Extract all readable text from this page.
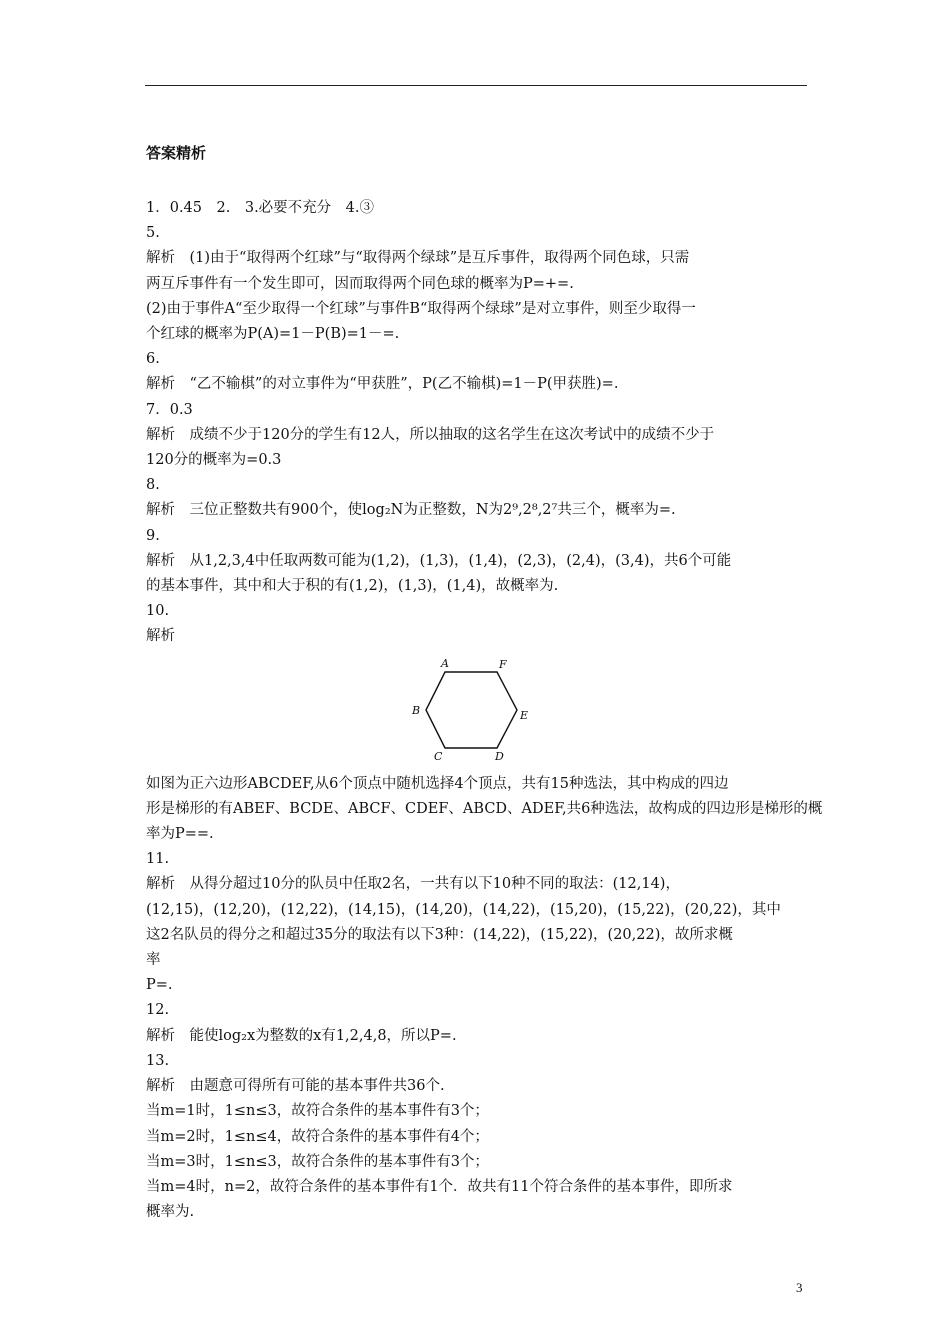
答案精析
1．0.45　2.　3.必要不充分　4.③
5.
解析　(1)由于“取得两个红球”与“取得两个绿球”是互斥事件，取得两个同色球，只需
两互斥事件有一个发生即可，因而取得两个同色球的概率为P=+=.
(2)由于事件A“至少取得一个红球”与事件B“取得两个绿球”是对立事件，则至少取得一
个红球的概率为P(A)=1－P(B)=1－=.
6.
解析　“乙不输棋”的对立事件为“甲获胜”，P(乙不输棋)=1－P(甲获胜)=.
7．0.3
解析　成绩不少于120分的学生有12人，所以抽取的这名学生在这次考试中的成绩不少于
120分的概率为=0.3
8.
解析　三位正整数共有900个，使log₂N为正整数，N为2⁹,2⁸,2⁷共三个，概率为=.
9.
解析　从1,2,3,4中任取两数可能为(1,2)，(1,3)，(1,4)，(2,3)，(2,4)，(3,4)，共6个可能
的基本事件，其中和大于积的有(1,2)，(1,3)，(1,4)，故概率为.
10.
解析
A	F
B	E
C	D
如图为正六边形ABCDEF,从6个顶点中随机选择4个顶点，共有15种选法，其中构成的四边
形是梯形的有ABEF、BCDE、ABCF、CDEF、ABCD、ADEF,共6种选法，故构成的四边形是梯形的概
率为P==.
11.
解析　从得分超过10分的队员中任取2名，一共有以下10种不同的取法：(12,14)，
(12,15)，(12,20)，(12,22)，(14,15)，(14,20)，(14,22)，(15,20)，(15,22)，(20,22)，其中
这2名队员的得分之和超过35分的取法有以下3种：(14,22)，(15,22)，(20,22)，故所求概
率
P=.
12.
解析　能使log₂x为整数的x有1,2,4,8，所以P=.
13.
解析　由题意可得所有可能的基本事件共36个.
当m=1时，1≤n≤3，故符合条件的基本事件有3个；
当m=2时，1≤n≤4，故符合条件的基本事件有4个；
当m=3时，1≤n≤3，故符合条件的基本事件有3个；
当m=4时，n=2，故符合条件的基本事件有1个．故共有11个符合条件的基本事件，即所求
概率为.
3
